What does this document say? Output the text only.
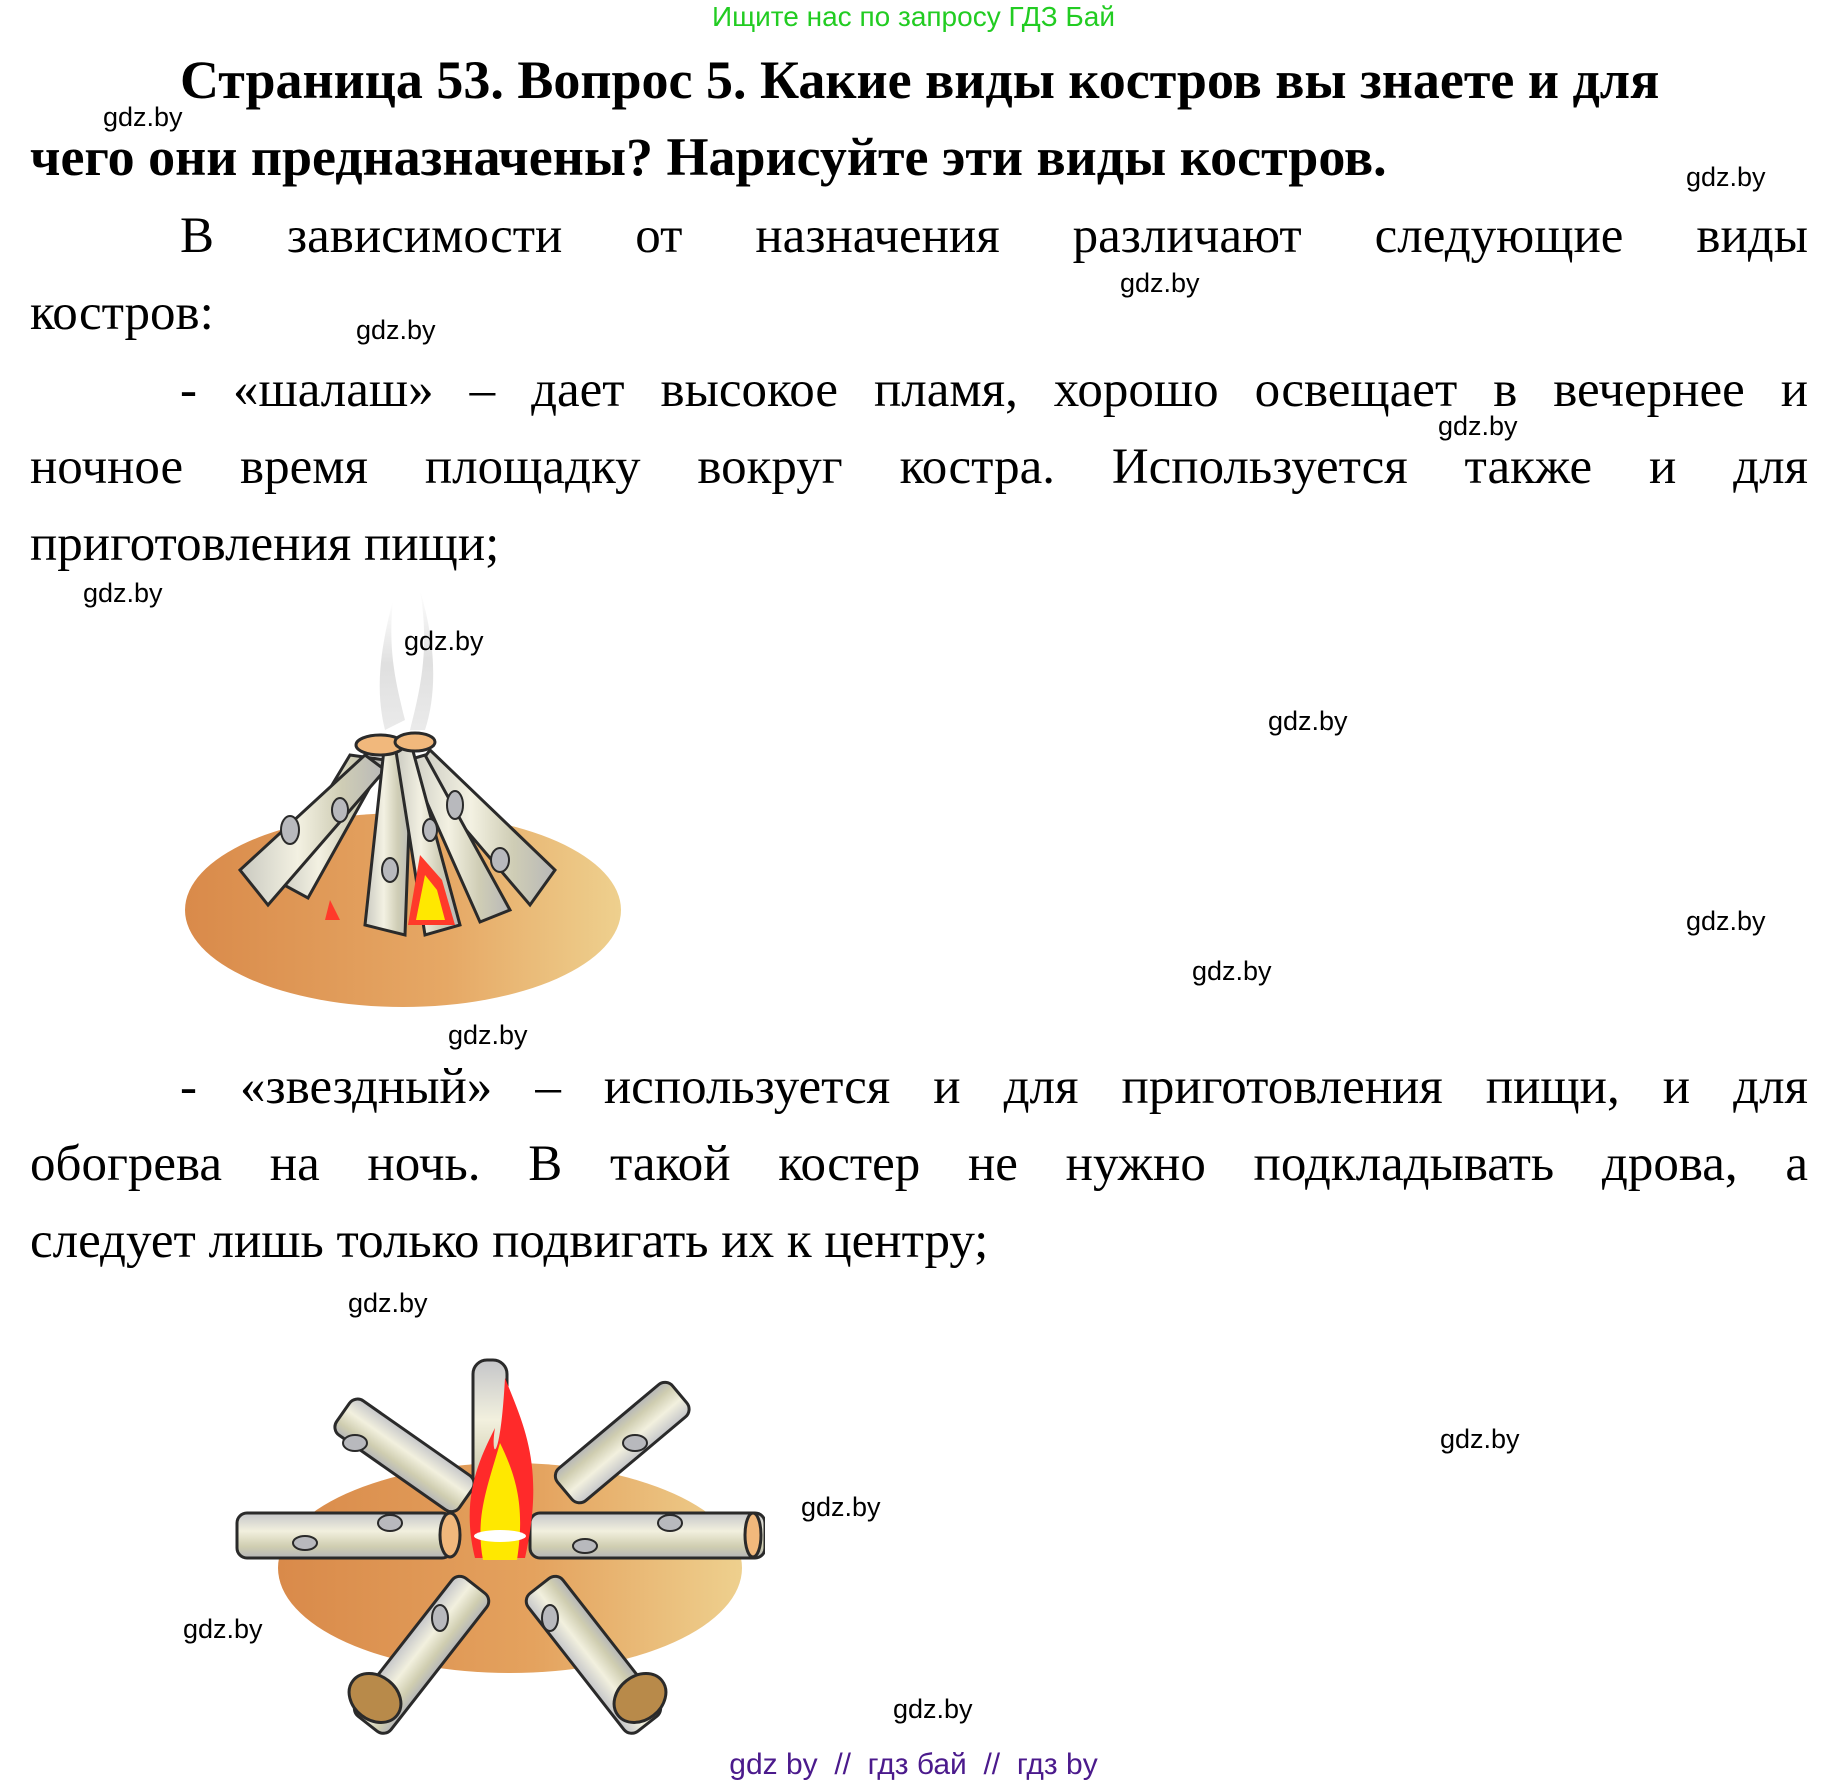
Ищите нас по запросу ГДЗ Бай
Страница 53. Вопрос 5. Какие виды костров вы знаете и для
чего они предназначены? Нарисуйте эти виды костров.
В зависимости от назначения различают следующие виды
костров:
- «шалаш» – дает высокое пламя, хорошо освещает в вечернее и
ночное время площадку вокруг костра. Используется также и для
приготовления пищи;
- «звездный» – используется и для приготовления пищи, и для
обогрева на ночь. В такой костер не нужно подкладывать дрова, а
следует лишь только подвигать их к центру;
gdz.by
gdz.by
gdz.by
gdz.by
gdz.by
gdz.by
gdz.by
gdz.by
gdz.by
gdz.by
gdz.by
gdz.by
gdz.by
gdz.by
gdz.by
gdz.by
gdz by  //  гдз бай  //  гдз by
